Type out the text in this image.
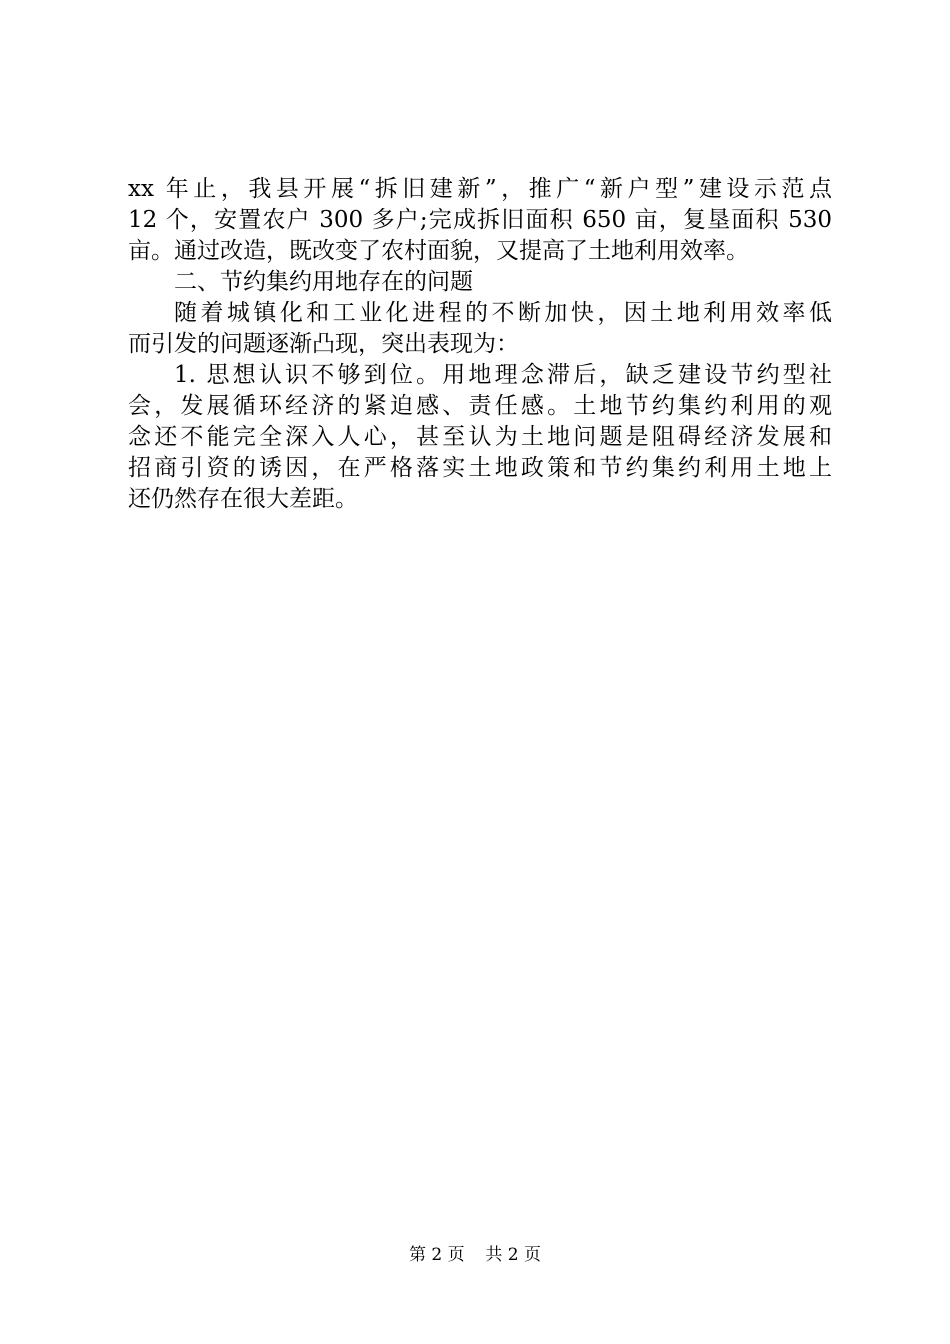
xx 年止，我县开展“拆旧建新”，推广“新户型”建设示范点
12 个，安置农户 300 多户;完成拆旧面积 650 亩，复垦面积 530
亩。通过改造，既改变了农村面貌，又提高了土地利用效率。
二、节约集约用地存在的问题
随着城镇化和工业化进程的不断加快，因土地利用效率低
而引发的问题逐渐凸现，突出表现为：
1. 思想认识不够到位。用地理念滞后，缺乏建设节约型社
会，发展循环经济的紧迫感、责任感。土地节约集约利用的观
念还不能完全深入人心，甚至认为土地问题是阻碍经济发展和
招商引资的诱因，在严格落实土地政策和节约集约利用土地上
还仍然存在很大差距。
第 2 页 共 2 页
